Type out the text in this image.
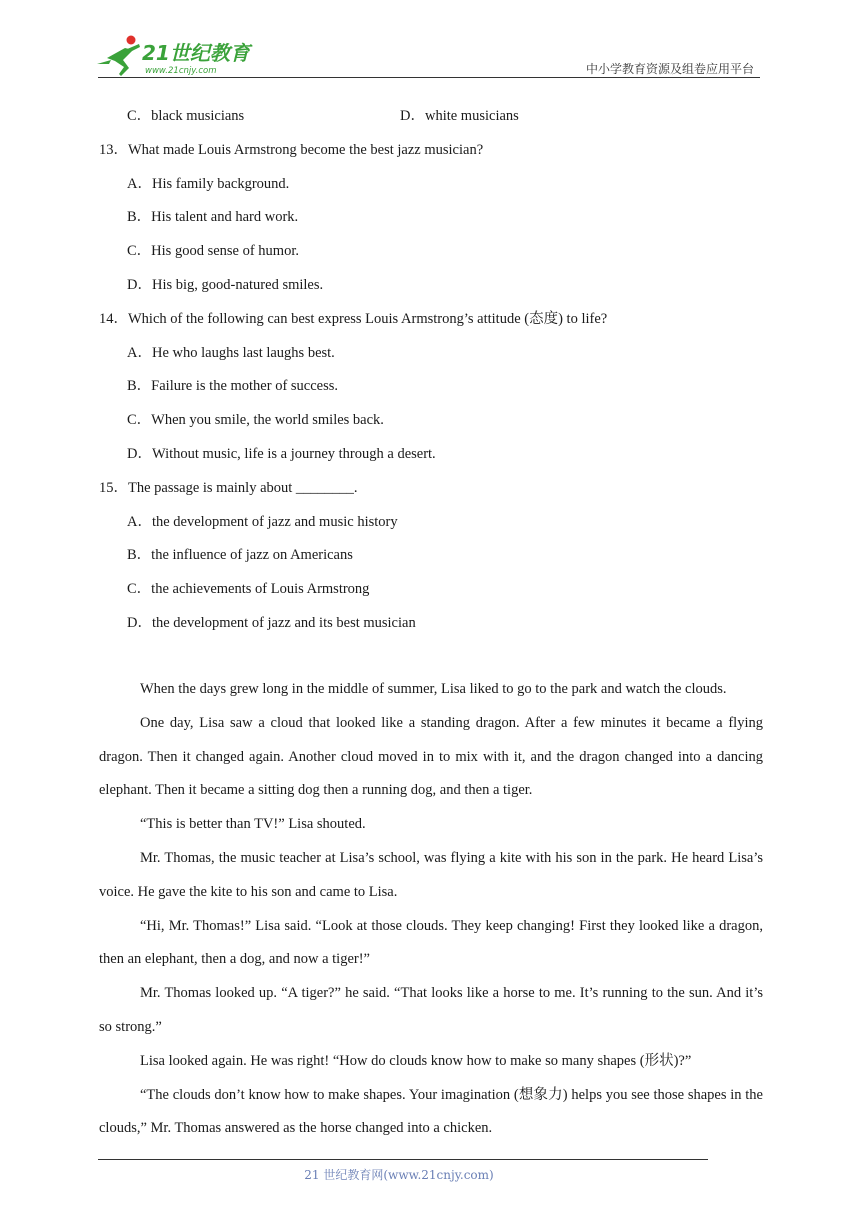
21世纪教育
www.21cnjy.com	中小学教育资源及组卷应用平台
C．black musicians	D．white musicians
13．What made Louis Armstrong become the best jazz musician?
A．His family background.
B．His talent and hard work.
C．His good sense of humor.
D．His big, good-natured smiles.
14．Which of the following can best express Louis Armstrong’s attitude (态度) to life?
A．He who laughs last laughs best.
B．Failure is the mother of success.
C．When you smile, the world smiles back.
D．Without music, life is a journey through a desert.
15．The passage is mainly about ________.
A．the development of jazz and music history
B．the influence of jazz on Americans
C．the achievements of Louis Armstrong
D．the development of jazz and its best musician

When the days grew long in the middle of summer, Lisa liked to go to the park and watch the clouds.

One day, Lisa saw a cloud that looked like a standing dragon. After a few minutes it became a flying dragon. Then it changed again. Another cloud moved in to mix with it, and the dragon changed into a dancing elephant. Then it became a sitting dog then a running dog, and then a tiger.

“This is better than TV!” Lisa shouted.

Mr. Thomas, the music teacher at Lisa’s school, was flying a kite with his son in the park. He heard Lisa’s voice. He gave the kite to his son and came to Lisa.

“Hi, Mr. Thomas!” Lisa said. “Look at those clouds. They keep changing! First they looked like a dragon, then an elephant, then a dog, and now a tiger!”

Mr. Thomas looked up. “A tiger?” he said. “That looks like a horse to me. It’s running to the sun. And it’s so strong.”

Lisa looked again. He was right! “How do clouds know how to make so many shapes (形状)?”

“The clouds don’t know how to make shapes. Your imagination (想象力) helps you see those shapes in the clouds,” Mr. Thomas answered as the horse changed into a chicken.

21 世纪教育网(www.21cnjy.com)
